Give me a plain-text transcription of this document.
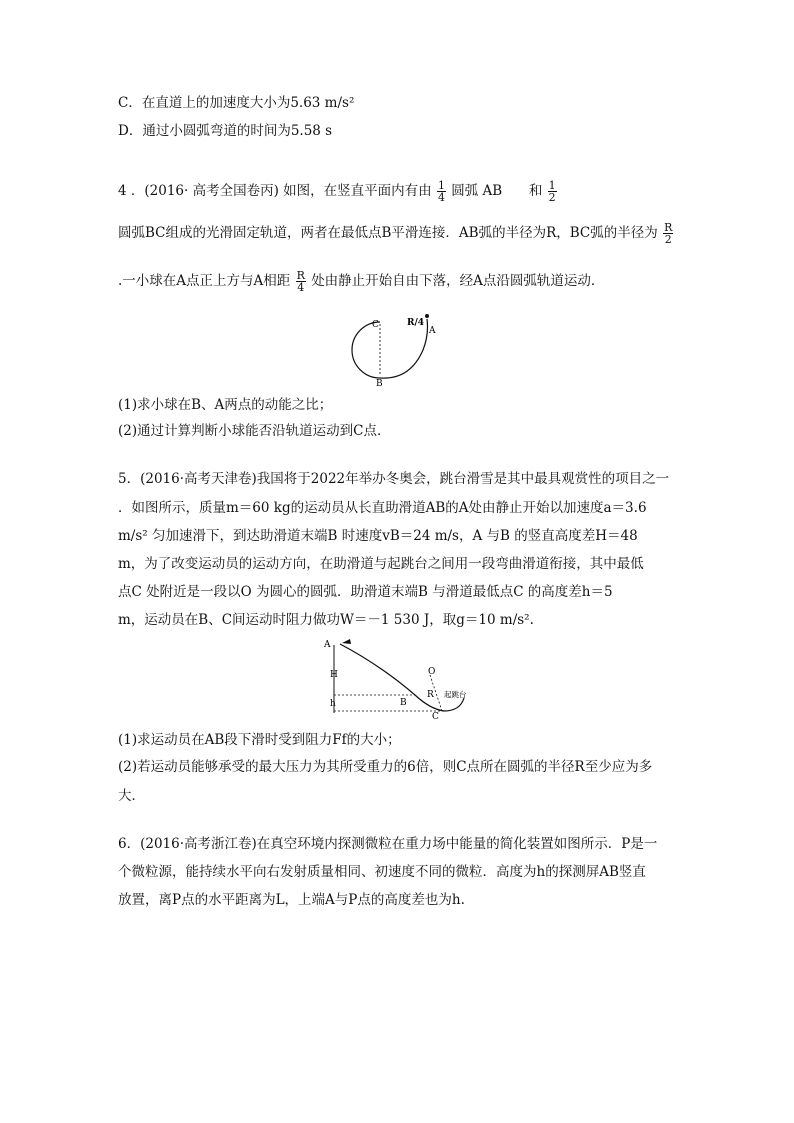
C．在直道上的加速度大小为5.63 m/s²
D．通过小圆弧弯道的时间为5.58 s
4 ．(2016· 高考全国卷丙) 如图，在竖直平面内有由 $\frac{1}{4}$ 圆弧 AB 和 $\frac{1}{2}$
圆弧BC组成的光滑固定轨道，两者在最低点B平滑连接．AB弧的半径为R，BC弧的半径为 $\frac{R}{2}$
.一小球在A点正上方与A相距 $\frac{R}{4}$ 处由静止开始自由下落，经A点沿圆弧轨道运动．
C
B
A
R/4
(1)求小球在B、A两点的动能之比；
(2)通过计算判断小球能否沿轨道运动到C点．
5．(2016·高考天津卷)我国将于2022年举办冬奥会，跳台滑雪是其中最具观赏性的项目之一
．如图所示，质量m＝60 kg的运动员从长直助滑道AB的A处由静止开始以加速度a＝3.6
m/s² 匀加速滑下，到达助滑道末端B 时速度vB＝24 m/s，A 与B 的竖直高度差H＝48
m，为了改变运动员的运动方向，在助滑道与起跳台之间用一段弯曲滑道衔接，其中最低
点C 处附近是一段以O 为圆心的圆弧．助滑道末端B 与滑道最低点C 的高度差h＝5
m，运动员在B、C间运动时阻力做功W＝－1 530 J，取g＝10 m/s².
A
H
h	B
C
O
R 起跳台
(1)求运动员在AB段下滑时受到阻力Ff的大小；
(2)若运动员能够承受的最大压力为其所受重力的6倍，则C点所在圆弧的半径R至少应为多
大．
6．(2016·高考浙江卷)在真空环境内探测微粒在重力场中能量的简化装置如图所示．P是一
个微粒源，能持续水平向右发射质量相同、初速度不同的微粒．高度为h的探测屏AB竖直
放置，离P点的水平距离为L，上端A与P点的高度差也为h.
